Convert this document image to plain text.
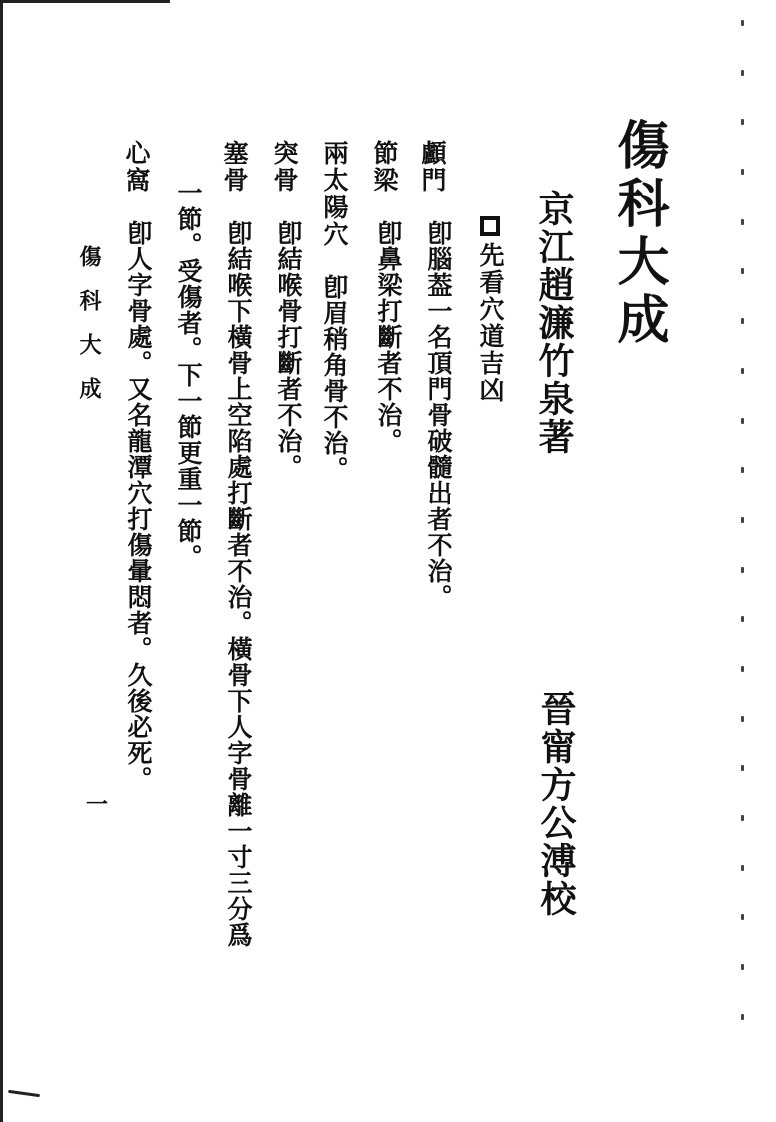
傷科大成
京江趙濂竹泉著
晉甯方公溥校
先看穴道吉凶
顱門
卽腦葢一名頂門骨破髓出者不治。
節梁
卽鼻梁打斷者不治。
兩太陽穴卽眉稍角骨不治。
突骨
卽結喉骨打斷者不治。
塞骨
卽結喉下橫骨上空陷處打斷者不治。橫骨下人字骨離一寸三分爲
一節。受傷者。下一節更重一節。
心窩
卽人字骨處。又名龍潭穴打傷暈悶者。久後必死。
傷科大成
一
